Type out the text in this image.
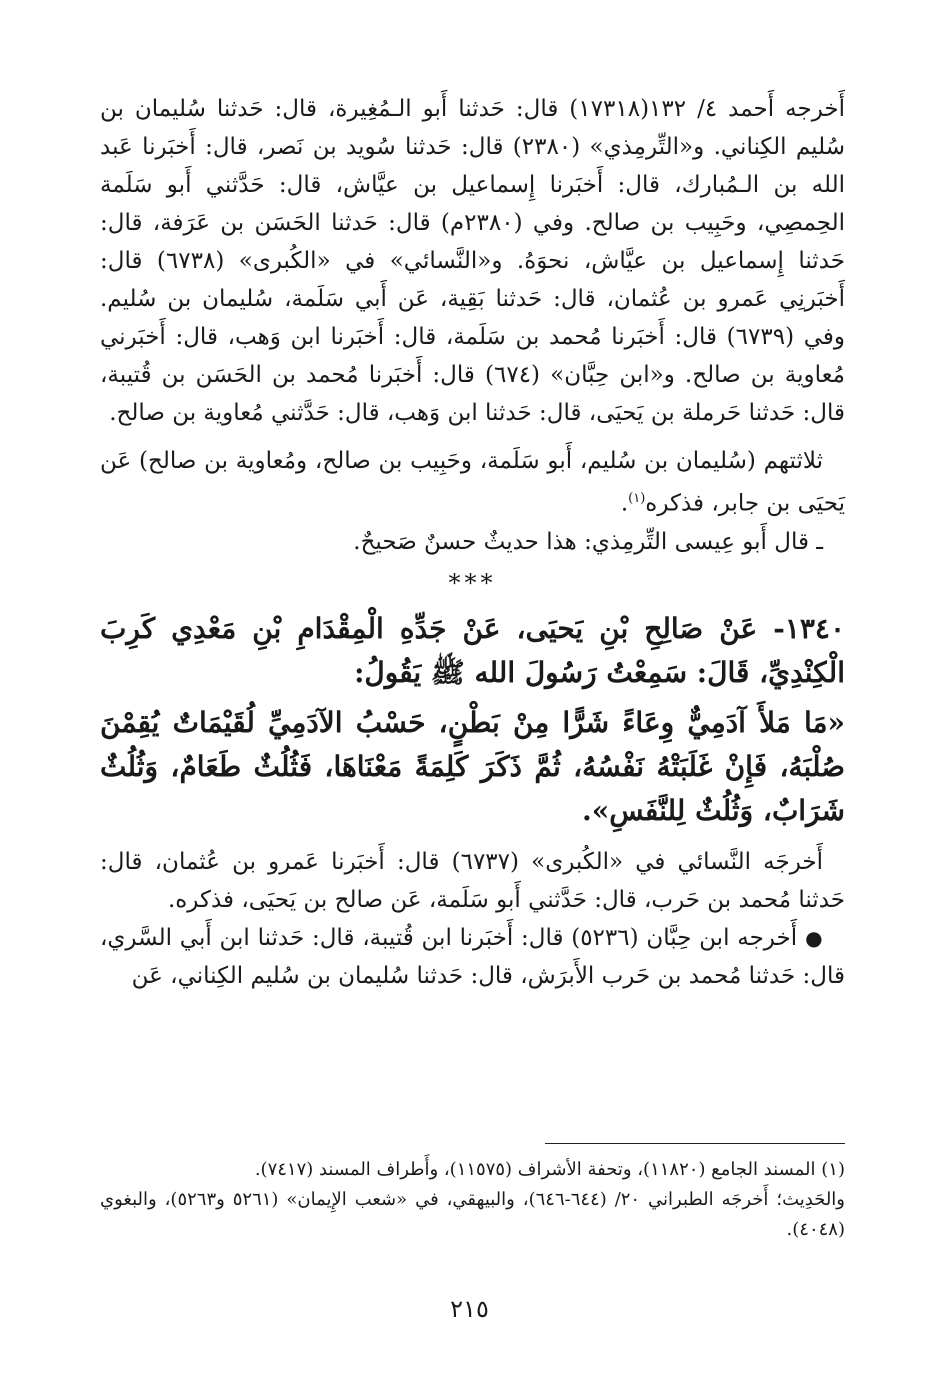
أَخرجه أَحمد ٤/ ١٣٢(١٧٣١٨) قال: حَدثنا أَبو الـمُغِيرة، قال: حَدثنا سُليمان بن سُليم الكِناني. و«التِّرمِذي» (٢٣٨٠) قال: حَدثنا سُويد بن نَصر، قال: أَخبَرنا عَبد الله بن الـمُبارك، قال: أَخبَرنا إِسماعيل بن عيَّاش، قال: حَدَّثني أَبو سَلَمة الحِمصِي، وحَبِيب بن صالح. وفي (٢٣٨٠م) قال: حَدثنا الحَسَن بن عَرَفة، قال: حَدثنا إِسماعيل بن عيَّاش، نحوَهُ. و«النَّسائي» في «الكُبرى» (٦٧٣٨) قال: أَخبَرنِي عَمرو بن عُثمان، قال: حَدثنا بَقِية، عَن أَبي سَلَمة، سُليمان بن سُليم. وفي (٦٧٣٩) قال: أَخبَرنا مُحمد بن سَلَمة، قال: أَخبَرنا ابن وَهب، قال: أَخبَرني مُعاوية بن صالح. و«ابن حِبَّان» (٦٧٤) قال: أَخبَرنا مُحمد بن الحَسَن بن قُتيبة، قال: حَدثنا حَرملة بن يَحيَى، قال: حَدثنا ابن وَهب، قال: حَدَّثني مُعاوية بن صالح.

ثلاثتهم (سُليمان بن سُليم، أَبو سَلَمة، وحَبِيب بن صالح، ومُعاوية بن صالح) عَن يَحيَى بن جابر، فذكره$^{(١)}$.

ـ قال أَبو عِيسى التِّرمِذي: هذا حديثٌ حسنٌ صَحيحٌ.

***

١٣٤٠- عَنْ صَالِحِ بْنِ يَحيَى، عَنْ جَدِّهِ الْمِقْدَامِ بْنِ مَعْدِي كَرِبَ الْكِنْدِيِّ، قَالَ: سَمِعْتُ رَسُولَ الله ﷺ يَقُولُ:

«مَا مَلأَ آدَمِيٌّ وِعَاءً شَرًّا مِنْ بَطْنٍ، حَسْبُ الآدَمِيِّ لُقَيْمَاتٌ يُقِمْنَ صُلْبَهُ، فَإِنْ غَلَبَتْهُ نَفْسُهُ، ثُمَّ ذَكَرَ كَلِمَةً مَعْنَاهَا، فَثُلُثٌ طَعَامٌ، وَثُلُثٌ شَرَابٌ، وَثُلُثٌ لِلنَّفَسِ».

أَخرجَه النَّسائي في «الكُبرى» (٦٧٣٧) قال: أَخبَرنا عَمرو بن عُثمان، قال: حَدثنا مُحمد بن حَرب، قال: حَدَّثني أَبو سَلَمة، عَن صالح بن يَحيَى، فذكره.

●أَخرجه ابن حِبَّان (٥٢٣٦) قال: أَخبَرنا ابن قُتيبة، قال: حَدثنا ابن أَبي السَّري، قال: حَدثنا مُحمد بن حَرب الأَبرَش، قال: حَدثنا سُليمان بن سُليم الكِناني، عَن

(١) المسند الجامع (١١٨٢٠)، وتحفة الأشراف (١١٥٧٥)، وأَطراف المسند (٧٤١٧).

والحَدِيث؛ أَخرجَه الطبراني ٢٠/ (٦٤٤-٦٤٦)، والبيهقي، في «شعب الإِيمان» (٥٢٦١ و٥٢٦٣)، والبغوي (٤٠٤٨).

٢١٥
